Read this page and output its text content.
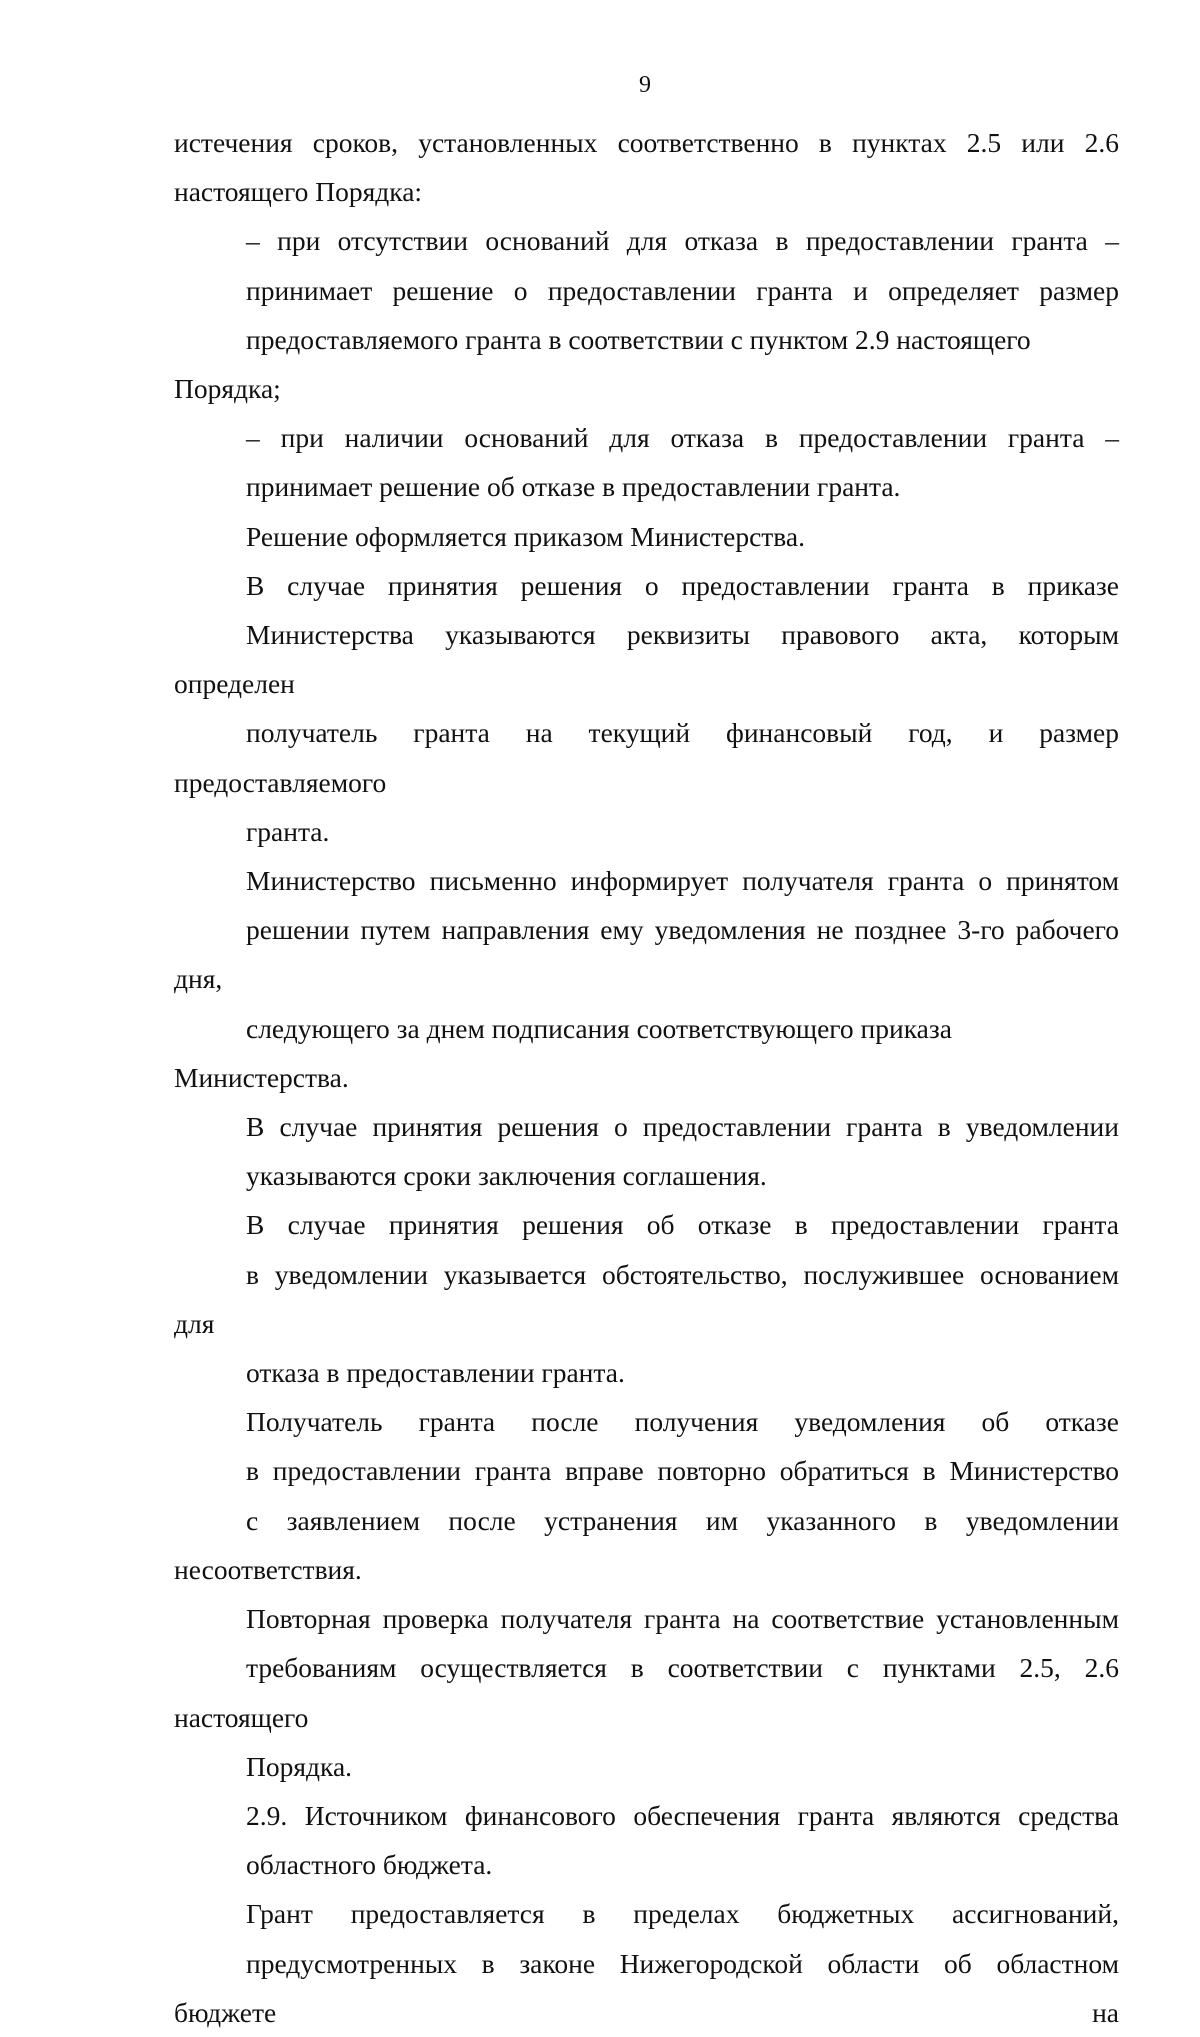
9

истечения сроков, установленных соответственно в пунктах 2.5 или 2.6
настоящего Порядка:

– при отсутствии оснований для отказа в предоставлении гранта –
принимает решение о предоставлении гранта и определяет размер
предоставляемого гранта в соответствии с пунктом 2.9 настоящего Порядка;

– при наличии оснований для отказа в предоставлении гранта –
принимает решение об отказе в предоставлении гранта.

Решение оформляется приказом Министерства.

В случае принятия решения о предоставлении гранта в приказе
Министерства указываются реквизиты правового акта, которым определен
получатель гранта на текущий финансовый год, и размер предоставляемого
гранта.

Министерство письменно информирует получателя гранта о принятом
решении путем направления ему уведомления не позднее 3-го рабочего дня,
следующего за днем подписания соответствующего приказа Министерства.

В случае принятия решения о предоставлении гранта в уведомлении
указываются сроки заключения соглашения.

В случае принятия решения об отказе в предоставлении гранта
в уведомлении указывается обстоятельство, послужившее основанием для
отказа в предоставлении гранта.

Получатель гранта после получения уведомления об отказе
в предоставлении гранта вправе повторно обратиться в Министерство
с заявлением после устранения им указанного в уведомлении несоответствия.
Повторная проверка получателя гранта на соответствие установленным
требованиям осуществляется в соответствии с пунктами 2.5, 2.6 настоящего
Порядка.

2.9. Источником финансового обеспечения гранта являются средства
областного бюджета.

Грант предоставляется в пределах бюджетных ассигнований,
предусмотренных в законе Нижегородской области об областном бюджете на
